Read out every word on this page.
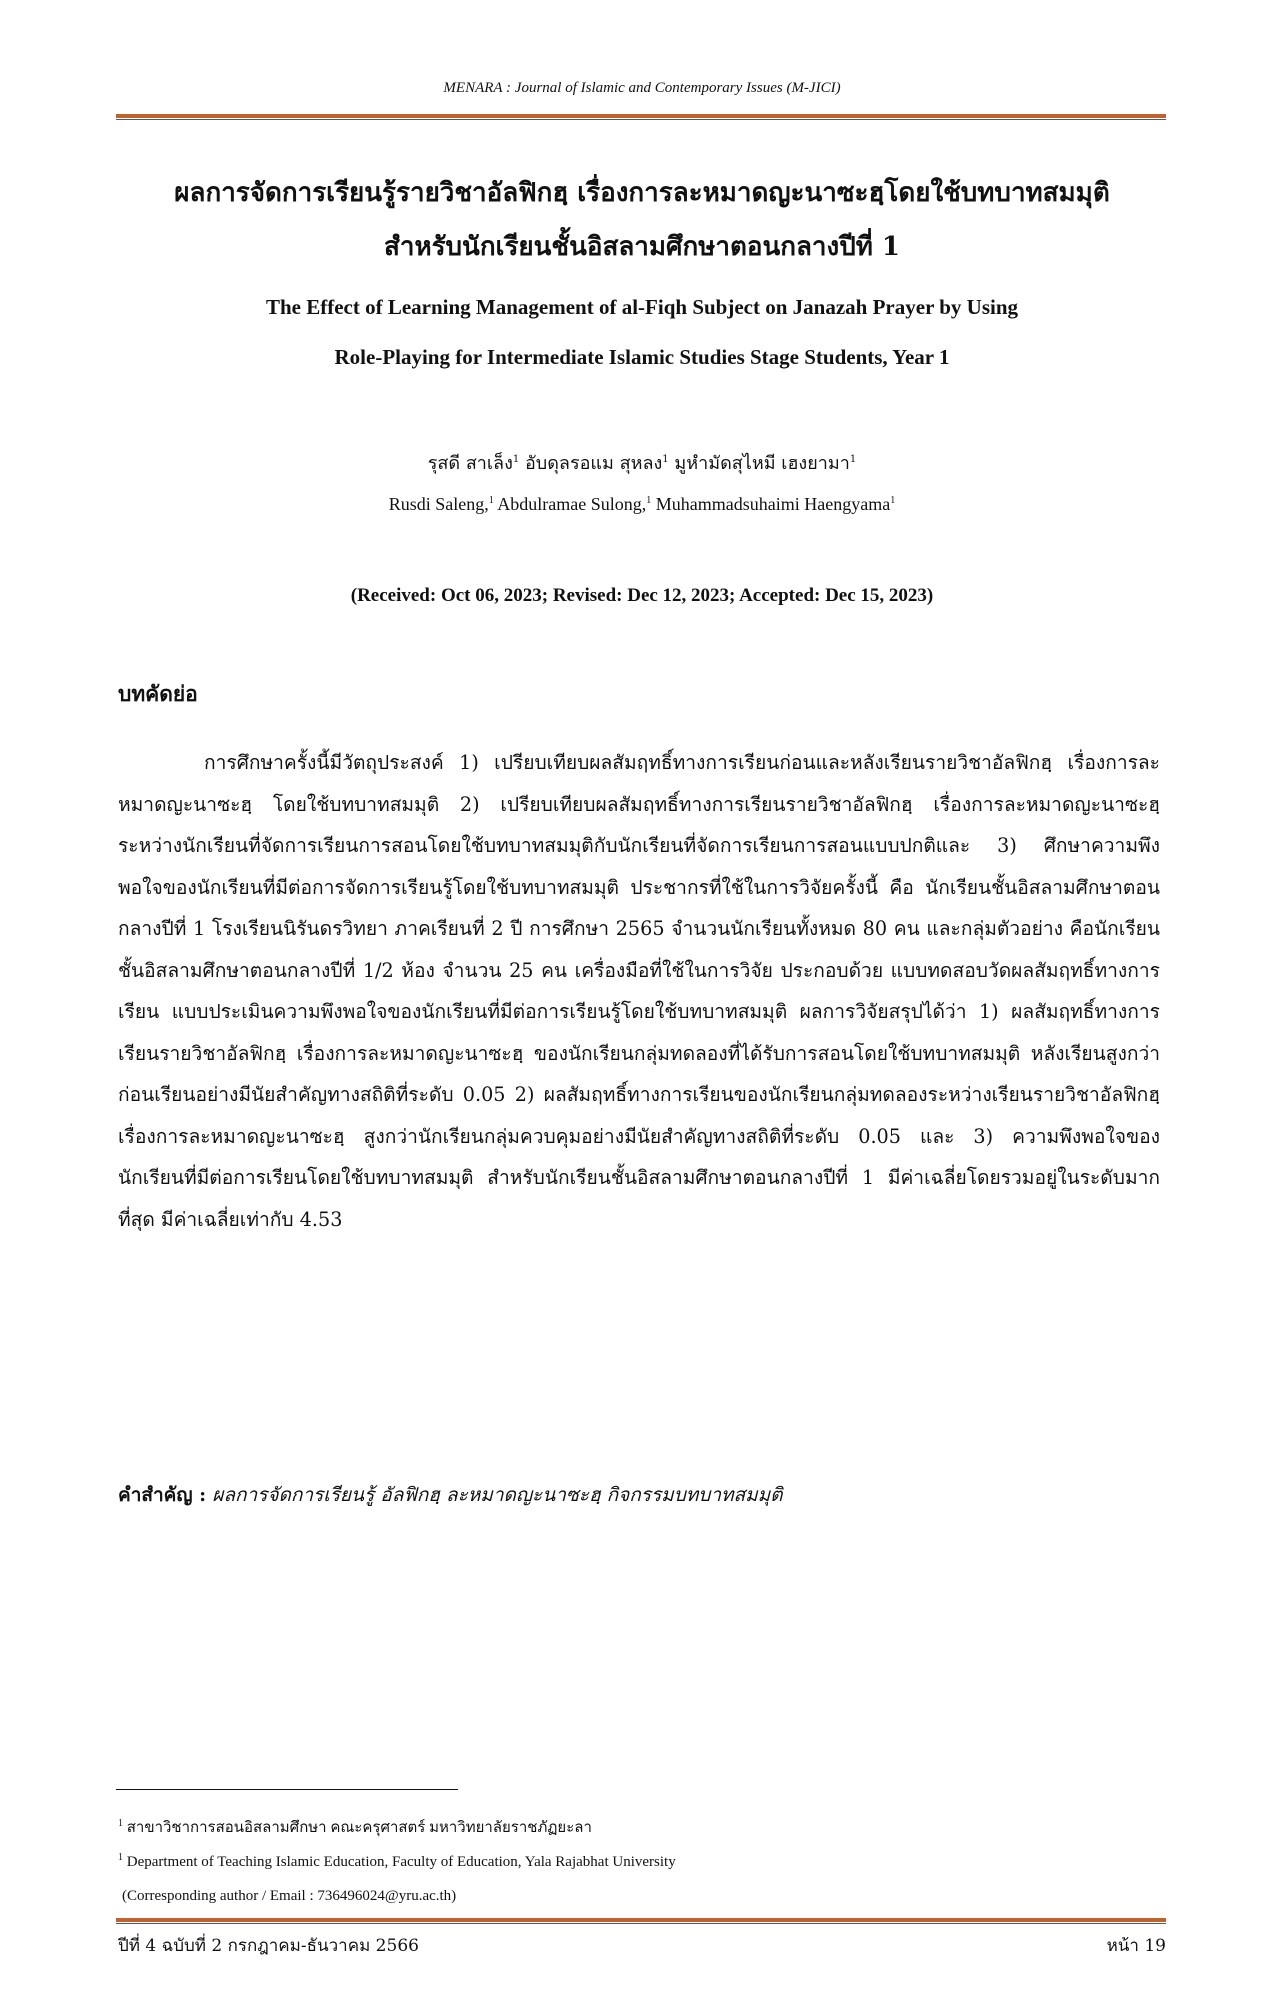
MENARA : Journal of Islamic and Contemporary Issues (M-JICI)
ผลการจัดการเรียนรู้รายวิชาอัลฟิกฮฺ เรื่องการละหมาดญะนาซะฮฺโดยใช้บทบาทสมมุติ
สำหรับนักเรียนชั้นอิสลามศึกษาตอนกลางปีที่ 1
The Effect of Learning Management of al-Fiqh Subject on Janazah Prayer by Using
Role-Playing for Intermediate Islamic Studies Stage Students, Year 1
รุสดี สาเล็ง$^1$ อับดุลรอแม สุหลง$^1$ มูหำมัดสุไหมี เฮงยามา$^1$
Rusdi Saleng,$^1$ Abdulramae Sulong,$^1$ Muhammadsuhaimi Haengyama$^1$
(Received: Oct 06, 2023; Revised: Dec 12, 2023; Accepted: Dec 15, 2023)
บทคัดย่อ
การศึกษาครั้งนี้มีวัตถุประสงค์ 1) เปรียบเทียบผลสัมฤทธิ์ทางการเรียนก่อนและหลังเรียนรายวิชาอัลฟิกฮฺ เรื่องการละหมาดญะนาซะฮฺ โดยใช้บทบาทสมมุติ 2) เปรียบเทียบผลสัมฤทธิ์ทางการเรียนรายวิชาอัลฟิกฮฺ เรื่องการละหมาดญะนาซะฮฺ ระหว่างนักเรียนที่จัดการเรียนการสอนโดยใช้บทบาทสมมุติกับนักเรียนที่จัดการเรียนการสอนแบบปกติและ 3) ศึกษาความพึงพอใจของนักเรียนที่มีต่อการจัดการเรียนรู้โดยใช้บทบาทสมมุติ ประชากรที่ใช้ในการวิจัยครั้งนี้ คือ นักเรียนชั้นอิสลามศึกษาตอนกลางปีที่ 1 โรงเรียนนิรันดรวิทยา ภาคเรียนที่ 2 ปี การศึกษา 2565 จำนวนนักเรียนทั้งหมด 80 คน และกลุ่มตัวอย่าง คือนักเรียนชั้นอิสลามศึกษาตอนกลางปีที่ 1/2 ห้อง จำนวน 25 คน เครื่องมือที่ใช้ในการวิจัย ประกอบด้วย แบบทดสอบวัดผลสัมฤทธิ์ทางการเรียน แบบประเมินความพึงพอใจของนักเรียนที่มีต่อการเรียนรู้โดยใช้บทบาทสมมุติ ผลการวิจัยสรุปได้ว่า 1) ผลสัมฤทธิ์ทางการเรียนรายวิชาอัลฟิกฮฺ เรื่องการละหมาดญะนาซะฮฺ ของนักเรียนกลุ่มทดลองที่ได้รับการสอนโดยใช้บทบาทสมมุติ หลังเรียนสูงกว่าก่อนเรียนอย่างมีนัยสำคัญทางสถิติที่ระดับ 0.05 2) ผลสัมฤทธิ์ทางการเรียนของนักเรียนกลุ่มทดลองระหว่างเรียนรายวิชาอัลฟิกฮฺ เรื่องการละหมาดญะนาซะฮฺ สูงกว่านักเรียนกลุ่มควบคุมอย่างมีนัยสำคัญทางสถิติที่ระดับ 0.05 และ 3) ความพึงพอใจของนักเรียนที่มีต่อการเรียนโดยใช้บทบาทสมมุติ สำหรับนักเรียนชั้นอิสลามศึกษาตอนกลางปีที่ 1 มีค่าเฉลี่ยโดยรวมอยู่ในระดับมากที่สุด มีค่าเฉลี่ยเท่ากับ 4.53
คำสำคัญ : ผลการจัดการเรียนรู้ อัลฟิกฮฺ ละหมาดญะนาซะฮฺ กิจกรรมบทบาทสมมุติ
$^1$ สาขาวิชาการสอนอิสลามศึกษา คณะครุศาสตร์ มหาวิทยาลัยราชภัฏยะลา
$^1$ Department of Teaching Islamic Education, Faculty of Education, Yala Rajabhat University
(Corresponding author / Email : 736496024@yru.ac.th)
ปีที่ 4 ฉบับที่ 2 กรกฎาคม-ธันวาคม 2566	หน้า 19
